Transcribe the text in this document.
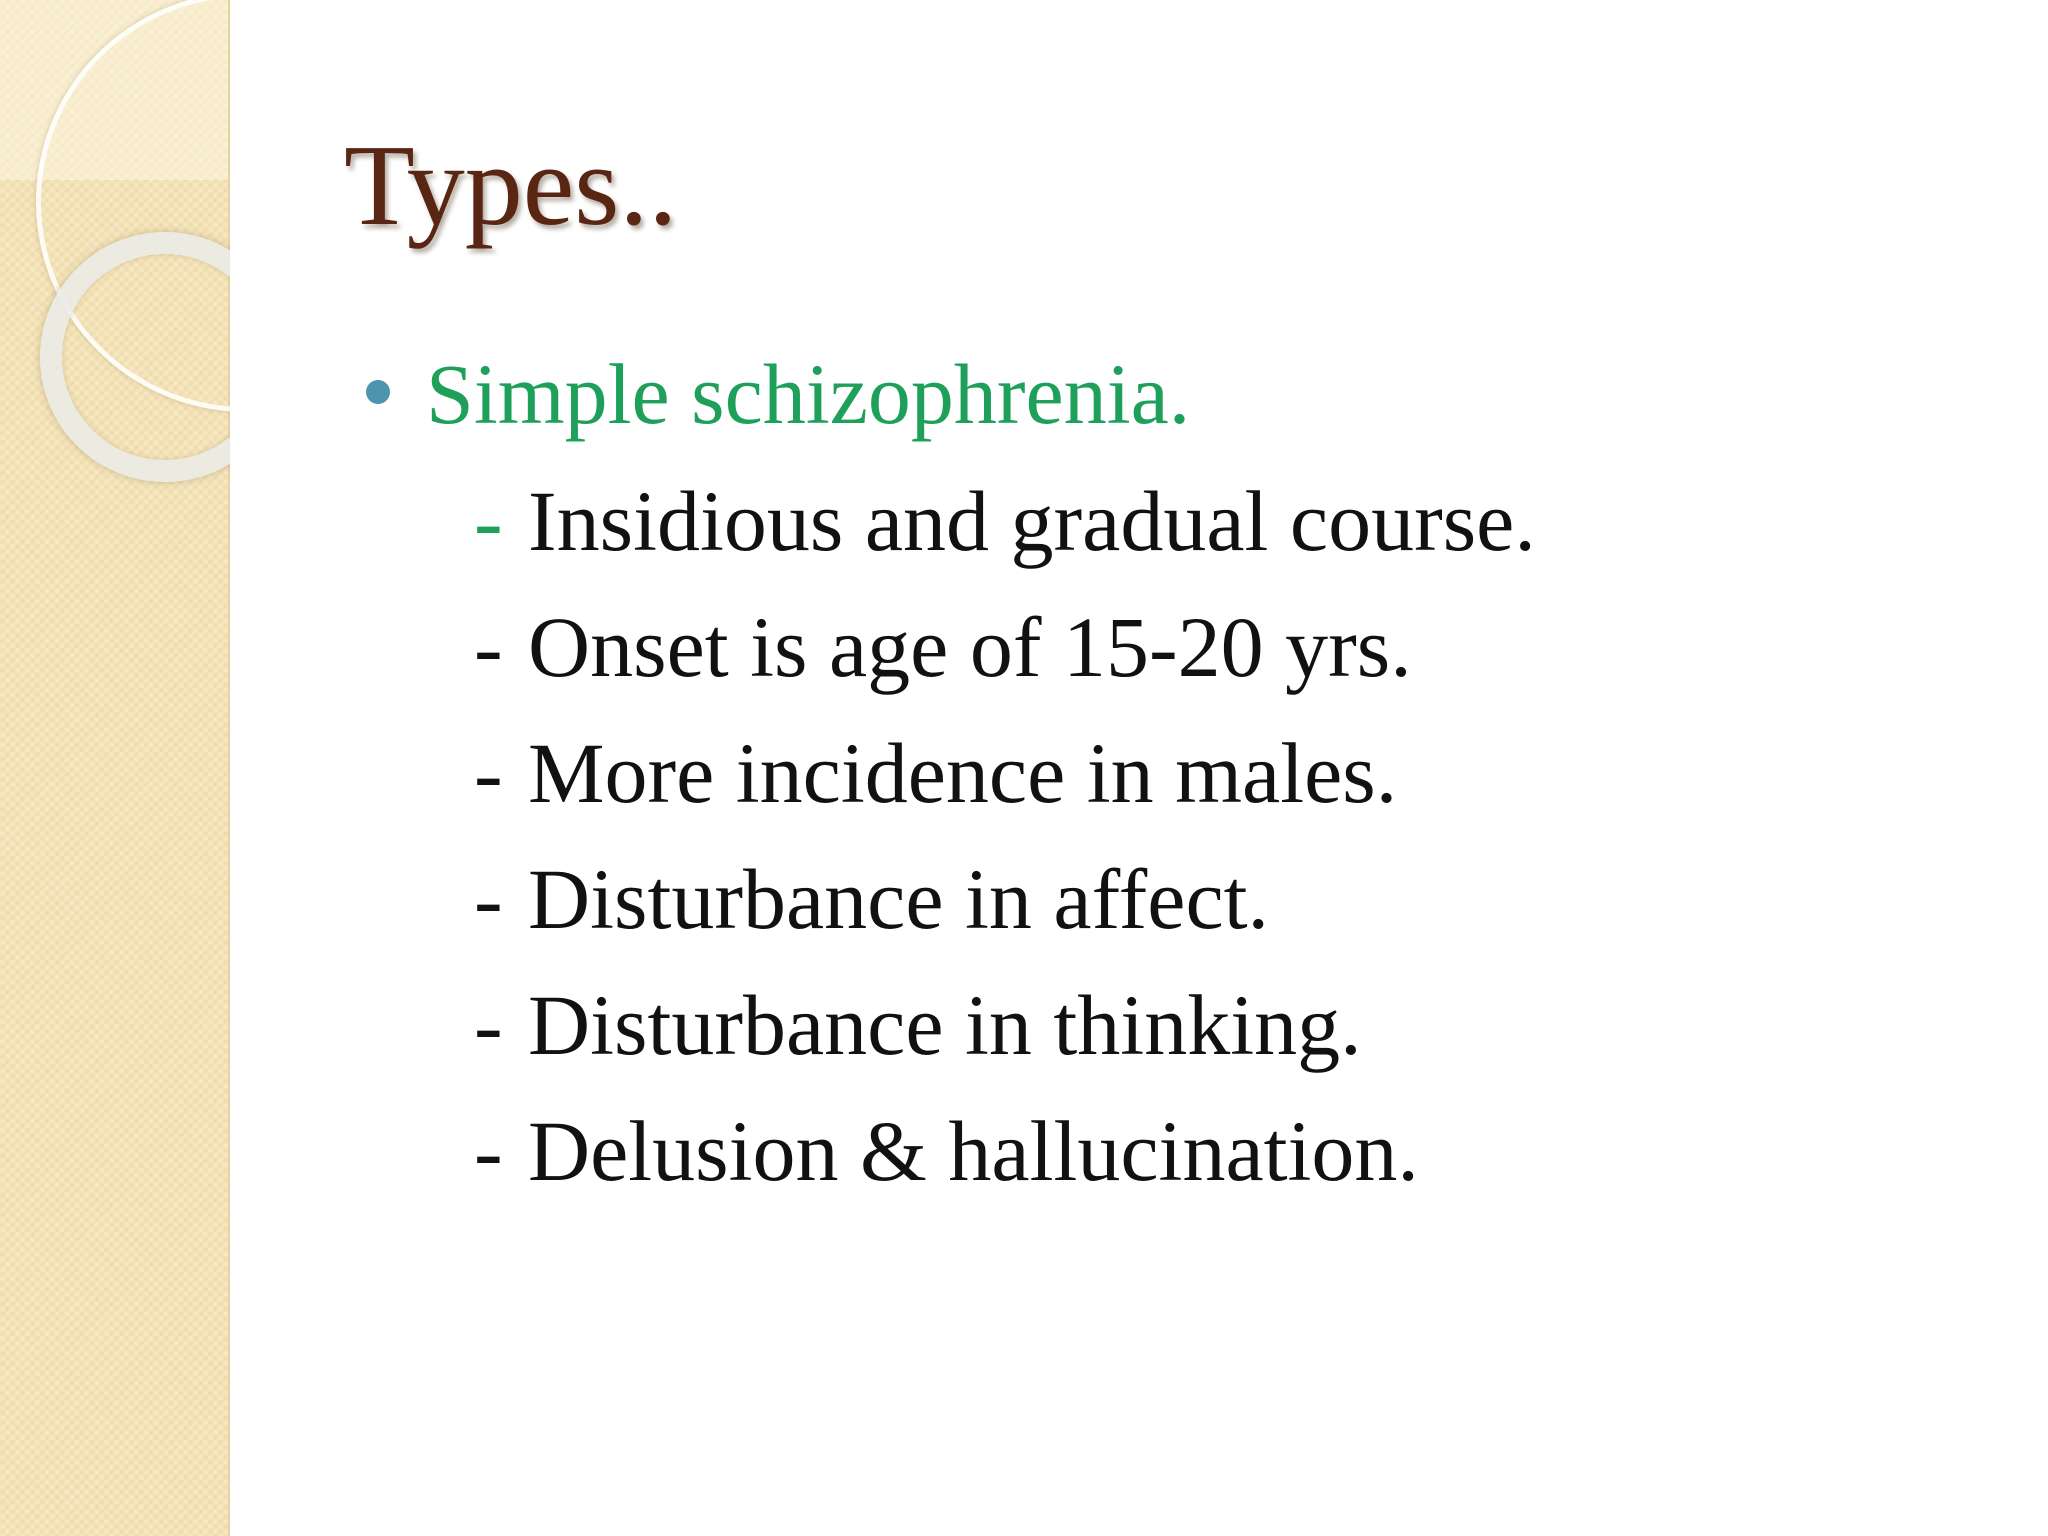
Types..
Simple schizophrenia.
- Insidious and gradual course.
- Onset is age of 15-20 yrs.
- More incidence in males.
- Disturbance in affect.
- Disturbance in thinking.
- Delusion & hallucination.
